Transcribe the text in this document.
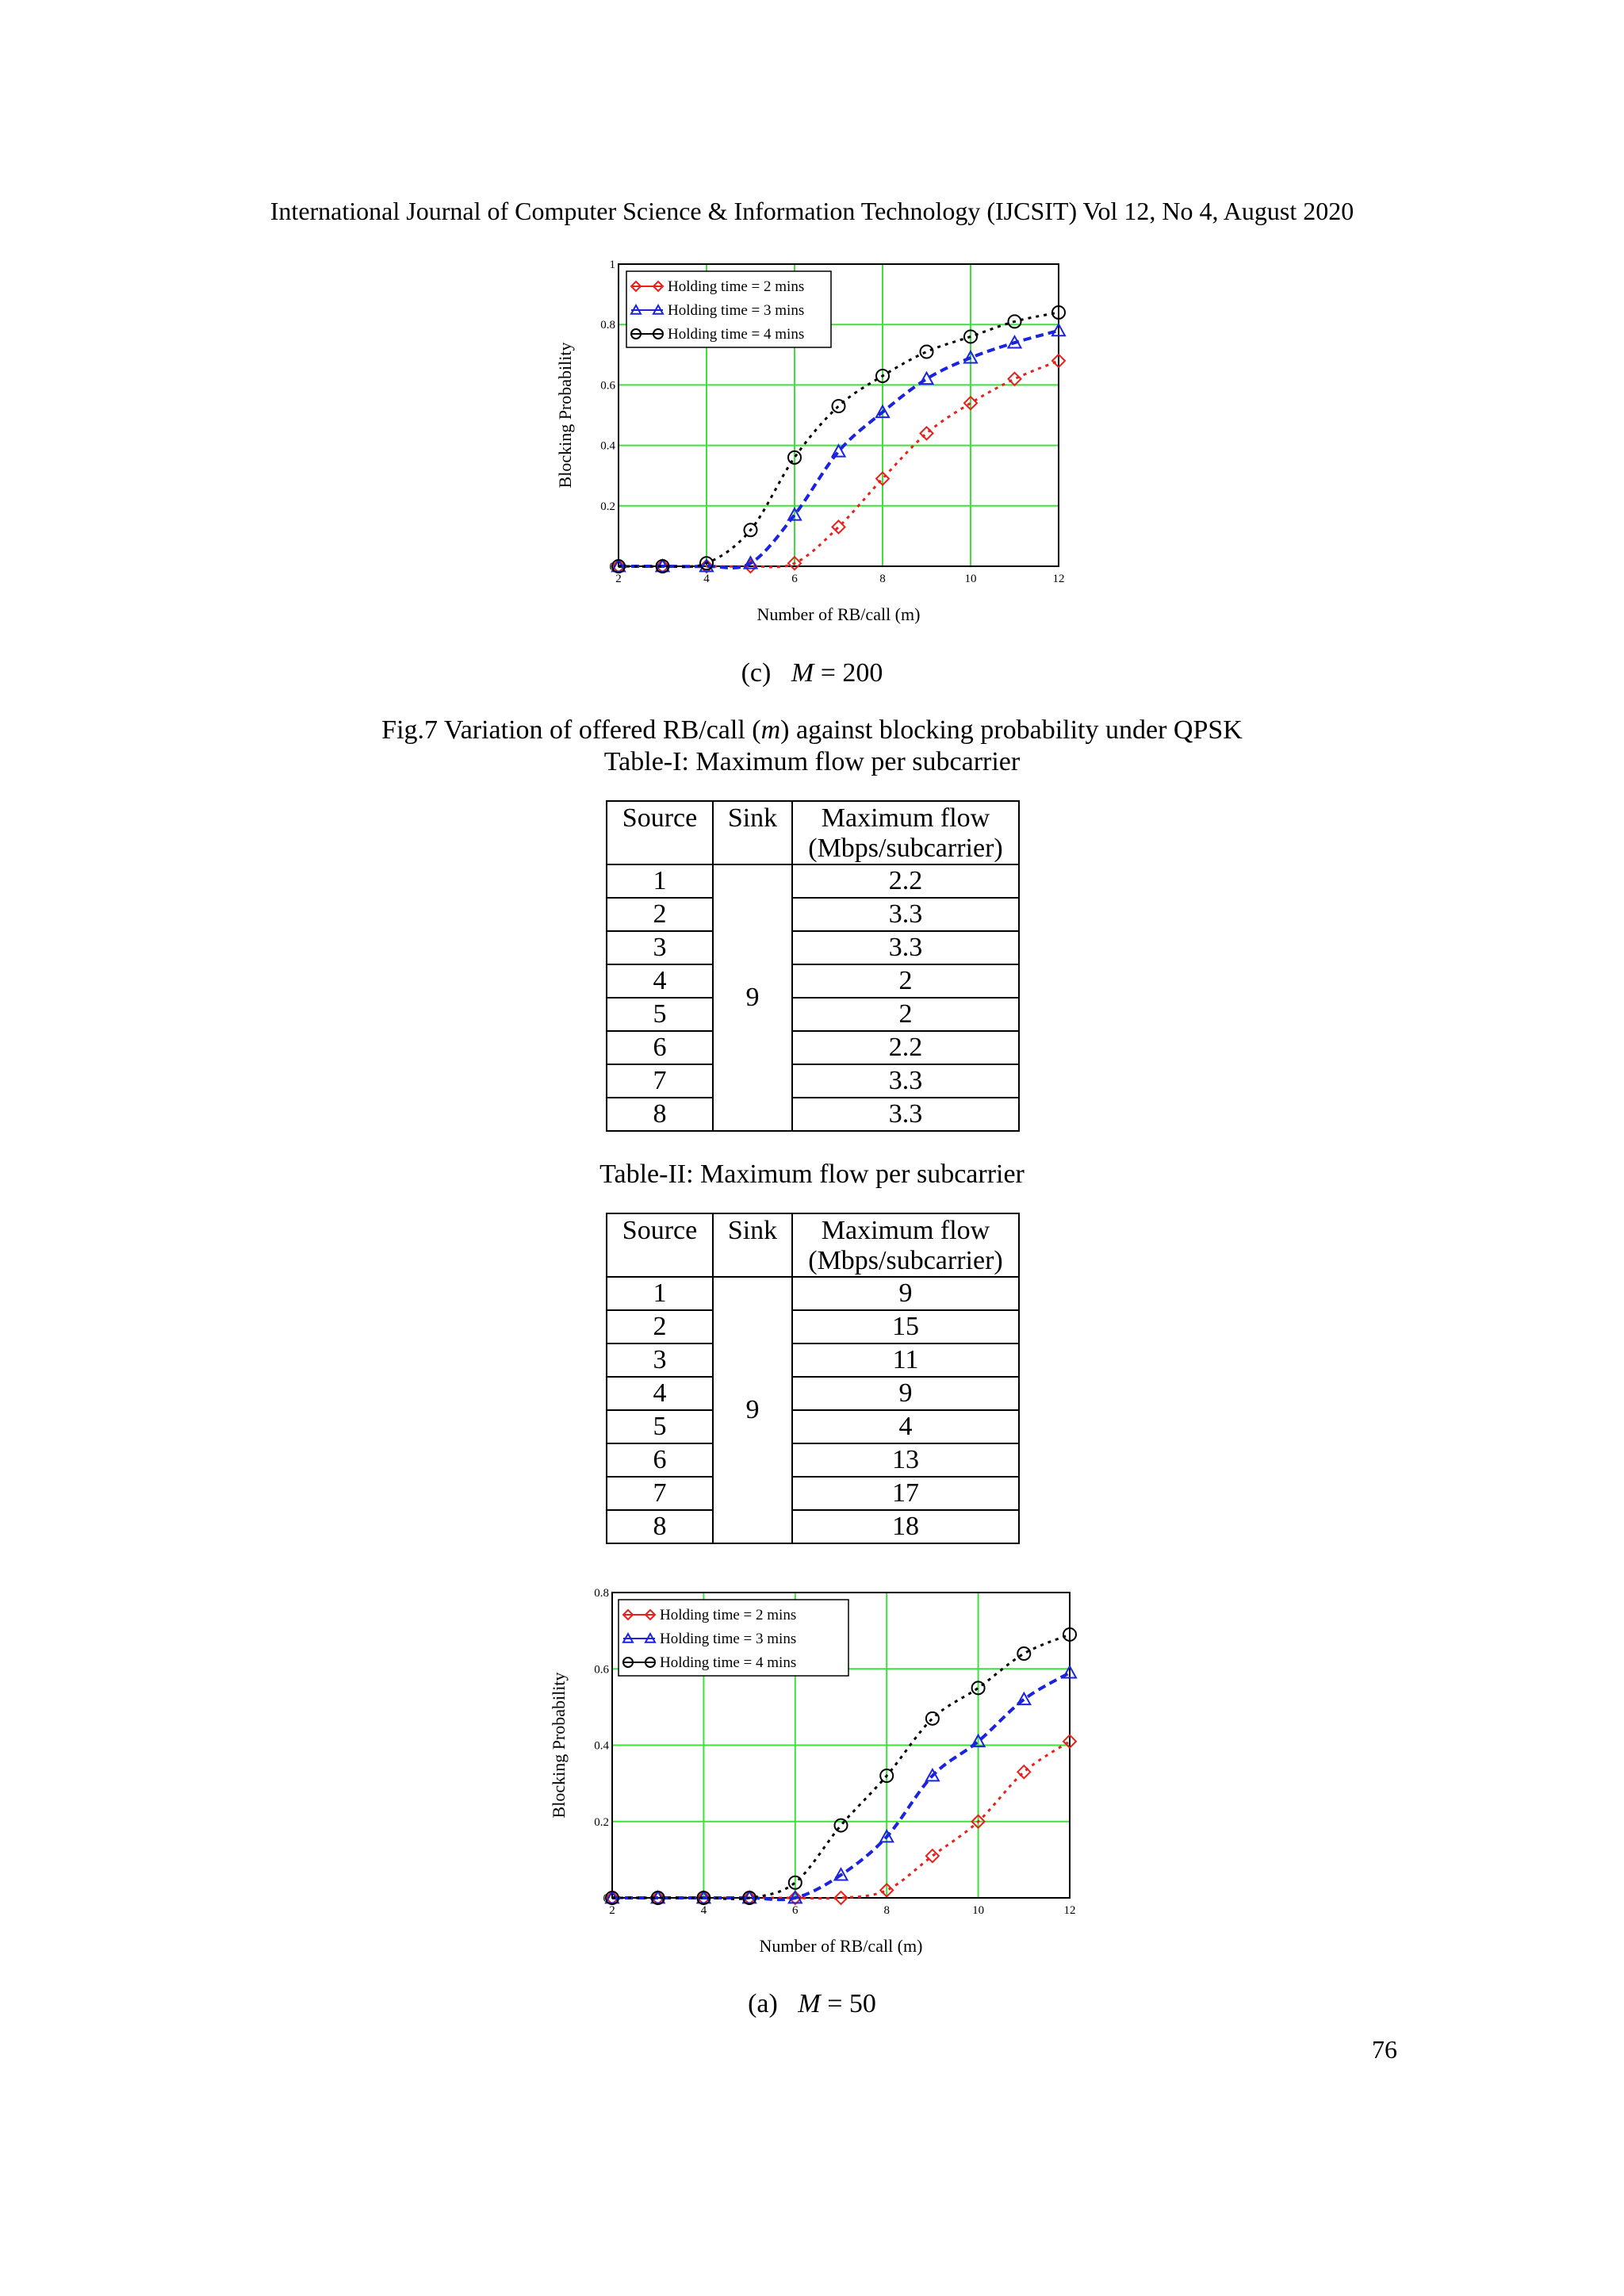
International Journal of Computer Science & Information Technology (IJCSIT) Vol 12, No 4, August 2020
2	4	6	8	10	12
0
0.2
0.4
0.6
0.8
1
Number of RB/call (m)
Blocking Probability
Holding time = 2 mins
Holding time = 3 mins
Holding time = 4 mins
(c) M = 200
Fig.7 Variation of offered RB/call (m) against blocking probability under QPSK
Table-I: Maximum flow per subcarrier
Source	Sink	Maximum flow
(Mbps/subcarrier)
1	9	2.2
2		3.3
3		3.3
4		2
5		2
6		2.2
7		3.3
8		3.3
Table-II: Maximum flow per subcarrier
Source	Sink	Maximum flow
(Mbps/subcarrier)
1	9	9
2		15
3		11
4		9
5		4
6		13
7		17
8		18
2	4	6	8	10	12
0
0.2
0.4
0.6
0.8
Number of RB/call (m)
Blocking Probability
Holding time = 2 mins
Holding time = 3 mins
Holding time = 4 mins
(a) M = 50
76
